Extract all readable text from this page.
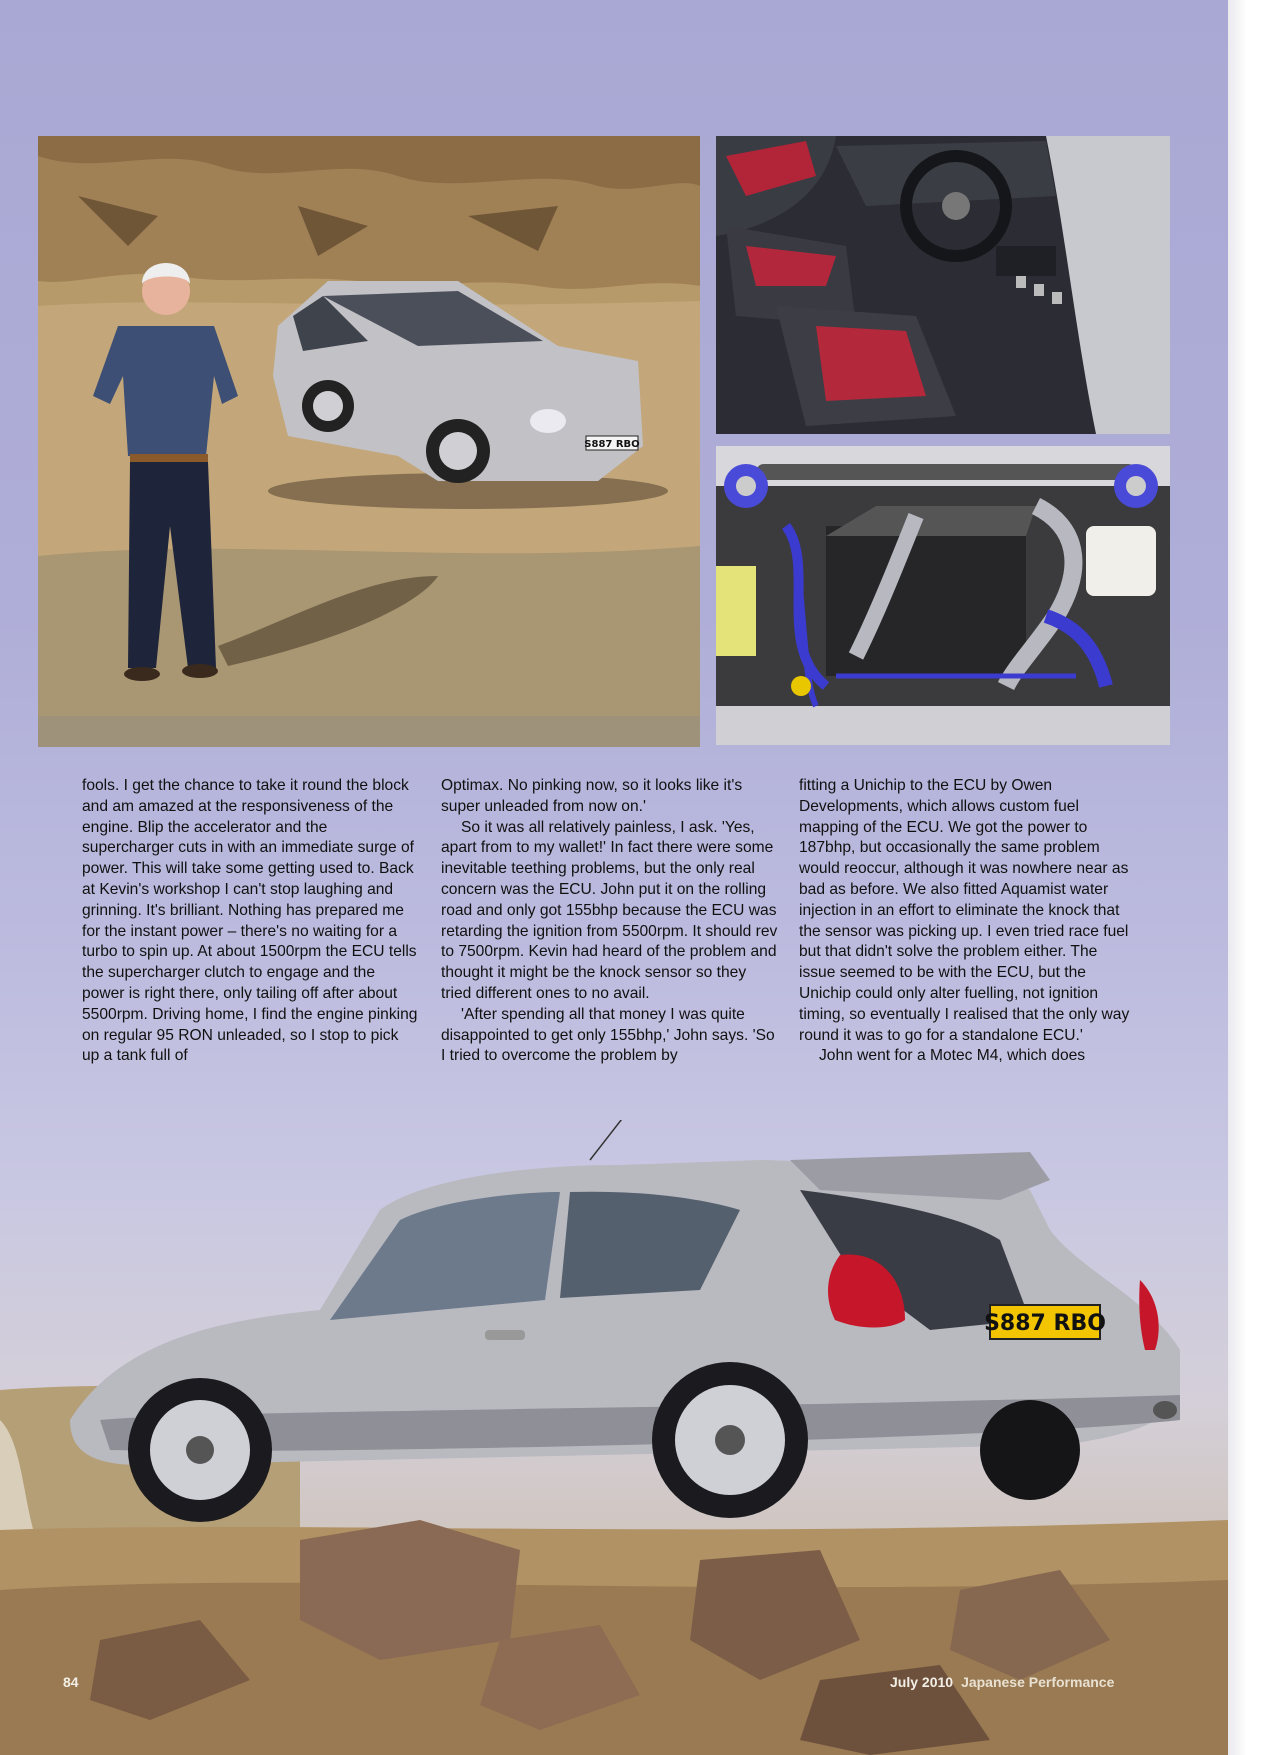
S887 RBO

fools. I get the chance to take it round the block and am amazed at the responsiveness of the engine. Blip the accelerator and the supercharger cuts in with an immediate surge of power. This will take some getting used to. Back at Kevin's workshop I can't stop laughing and grinning. It's brilliant. Nothing has prepared me for the instant power – there's no waiting for a turbo to spin up. At about 1500rpm the ECU tells the supercharger clutch to engage and the power is right there, only tailing off after about 5500rpm. Driving home, I find the engine pinking on regular 95 RON unleaded, so I stop to pick up a tank full of

Optimax. No pinking now, so it looks like it's super unleaded from now on.'

So it was all relatively painless, I ask. 'Yes, apart from to my wallet!' In fact there were some inevitable teething problems, but the only real concern was the ECU. John put it on the rolling road and only got 155bhp because the ECU was retarding the ignition from 5500rpm. It should rev to 7500rpm. Kevin had heard of the problem and thought it might be the knock sensor so they tried different ones to no avail.

'After spending all that money I was quite disappointed to get only 155bhp,' John says. 'So I tried to overcome the problem by

fitting a Unichip to the ECU by Owen Developments, which allows custom fuel mapping of the ECU. We got the power to 187bhp, but occasionally the same problem would reoccur, although it was nowhere near as bad as before. We also fitted Aquamist water injection in an effort to eliminate the knock that the sensor was picking up. I even tried race fuel but that didn't solve the problem either. The issue seemed to be with the ECU, but the Unichip could only alter fuelling, not ignition timing, so eventually I realised that the only way round it was to go for a standalone ECU.'

John went for a Motec M4, which does

S887 RBO
84	July 2010 Japanese Performance
